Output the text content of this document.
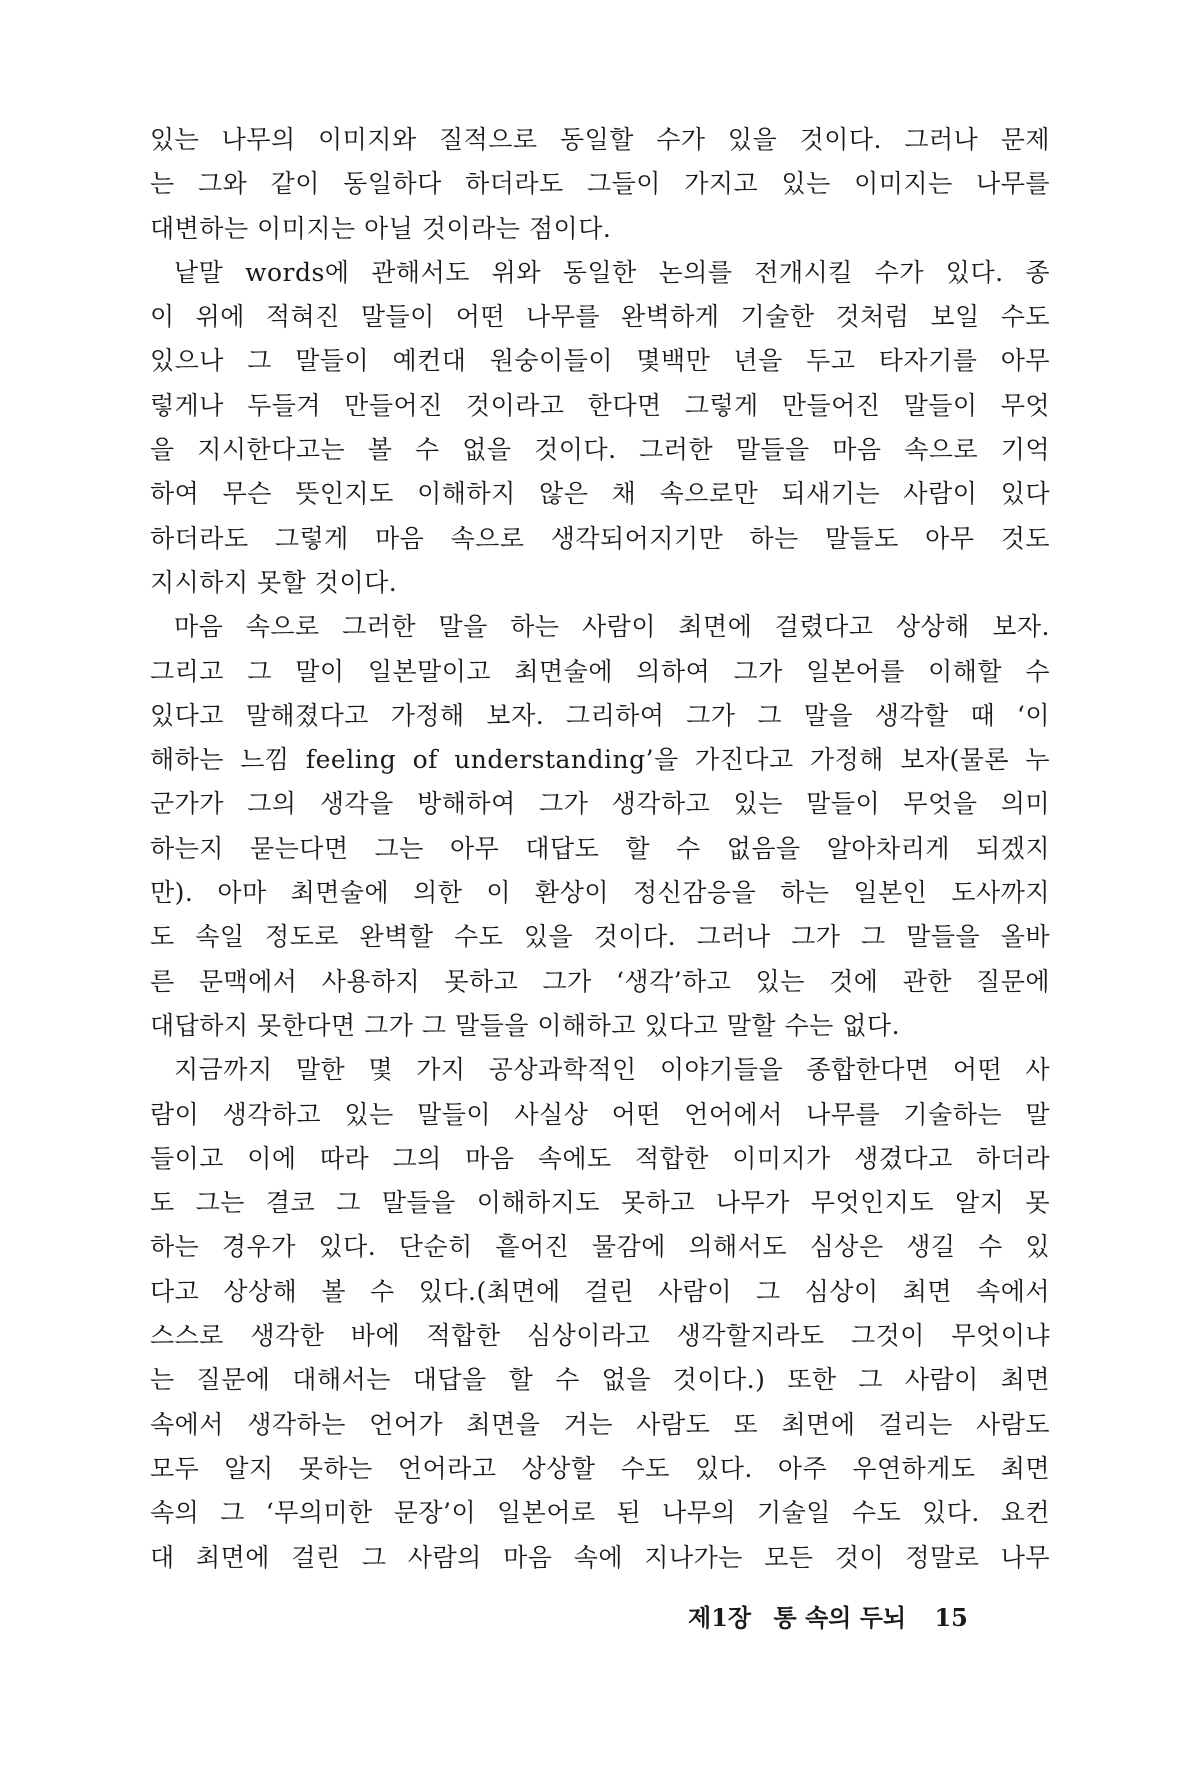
있는 나무의 이미지와 질적으로 동일할 수가 있을 것이다. 그러나 문제
는 그와 같이 동일하다 하더라도 그들이 가지고 있는 이미지는 나무를
대변하는 이미지는 아닐 것이라는 점이다.
낱말 words에 관해서도 위와 동일한 논의를 전개시킬 수가 있다. 종
이 위에 적혀진 말들이 어떤 나무를 완벽하게 기술한 것처럼 보일 수도
있으나 그 말들이 예컨대 원숭이들이 몇백만 년을 두고 타자기를 아무
렇게나 두들겨 만들어진 것이라고 한다면 그렇게 만들어진 말들이 무엇
을 지시한다고는 볼 수 없을 것이다. 그러한 말들을 마음 속으로 기억
하여 무슨 뜻인지도 이해하지 않은 채 속으로만 되새기는 사람이 있다
하더라도 그렇게 마음 속으로 생각되어지기만 하는 말들도 아무 것도
지시하지 못할 것이다.
마음 속으로 그러한 말을 하는 사람이 최면에 걸렸다고 상상해 보자.
그리고 그 말이 일본말이고 최면술에 의하여 그가 일본어를 이해할 수
있다고 말해졌다고 가정해 보자. 그리하여 그가 그 말을 생각할 때 ‘이
해하는 느낌 feeling of understanding’을 가진다고 가정해 보자(물론 누
군가가 그의 생각을 방해하여 그가 생각하고 있는 말들이 무엇을 의미
하는지 묻는다면 그는 아무 대답도 할 수 없음을 알아차리게 되겠지
만). 아마 최면술에 의한 이 환상이 정신감응을 하는 일본인 도사까지
도 속일 정도로 완벽할 수도 있을 것이다. 그러나 그가 그 말들을 올바
른 문맥에서 사용하지 못하고 그가 ‘생각’하고 있는 것에 관한 질문에
대답하지 못한다면 그가 그 말들을 이해하고 있다고 말할 수는 없다.
지금까지 말한 몇 가지 공상과학적인 이야기들을 종합한다면 어떤 사
람이 생각하고 있는 말들이 사실상 어떤 언어에서 나무를 기술하는 말
들이고 이에 따라 그의 마음 속에도 적합한 이미지가 생겼다고 하더라
도 그는 결코 그 말들을 이해하지도 못하고 나무가 무엇인지도 알지 못
하는 경우가 있다. 단순히 흩어진 물감에 의해서도 심상은 생길 수 있
다고 상상해 볼 수 있다.(최면에 걸린 사람이 그 심상이 최면 속에서
스스로 생각한 바에 적합한 심상이라고 생각할지라도 그것이 무엇이냐
는 질문에 대해서는 대답을 할 수 없을 것이다.) 또한 그 사람이 최면
속에서 생각하는 언어가 최면을 거는 사람도 또 최면에 걸리는 사람도
모두 알지 못하는 언어라고 상상할 수도 있다. 아주 우연하게도 최면
속의 그 ‘무의미한 문장’이 일본어로 된 나무의 기술일 수도 있다. 요컨
대 최면에 걸린 그 사람의 마음 속에 지나가는 모든 것이 정말로 나무
제1장 통 속의 두뇌 15
